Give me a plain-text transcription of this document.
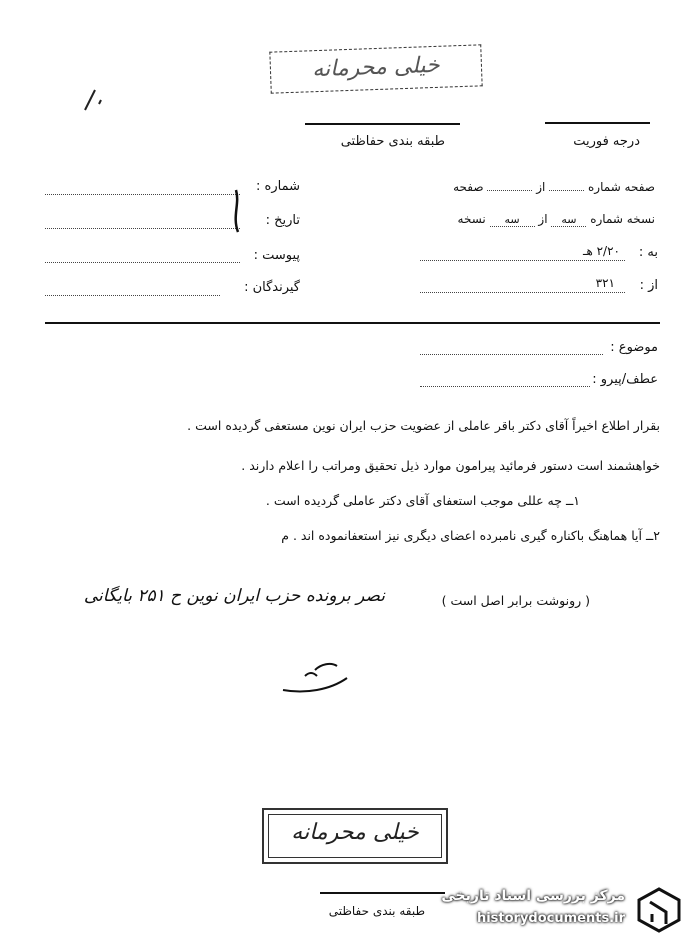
خیلی محرمانه
درجه فوریت
طبقه بندی حفاظتی
شماره :
تاریخ :
پیوست :
گیرندگان :
صفحه شماره  از  صفحه
نسخه شماره سه از سه نسخه
به :
۲/۲۰ هـ
از :
۳۲۱
موضوع :
عطف/پیرو :
بقرار اطلاع اخیراً آقای دکتر باقر عاملی از عضویت حزب ایران نوین مستعفی گردیده است .
خواهشمند است دستور فرمائید پیرامون موارد ذیل تحقیق ومراتب را اعلام دارند .
۱ــ چه عللی موجب استعفای آقای دکتر عاملی گردیده است .
۲ــ آیا هماهنگ باکناره گیری نامبرده اعضای دیگری نیز استعفانموده اند . م
نصر برونده حزب ایران نوین ح ۲۵۱ بایگانی	( رونوشت برابر اصل است )
خیلی محرمانه
طبقه بندی حفاظتی
مرکز بررسی اسناد تاریخی
historydocuments.ir
